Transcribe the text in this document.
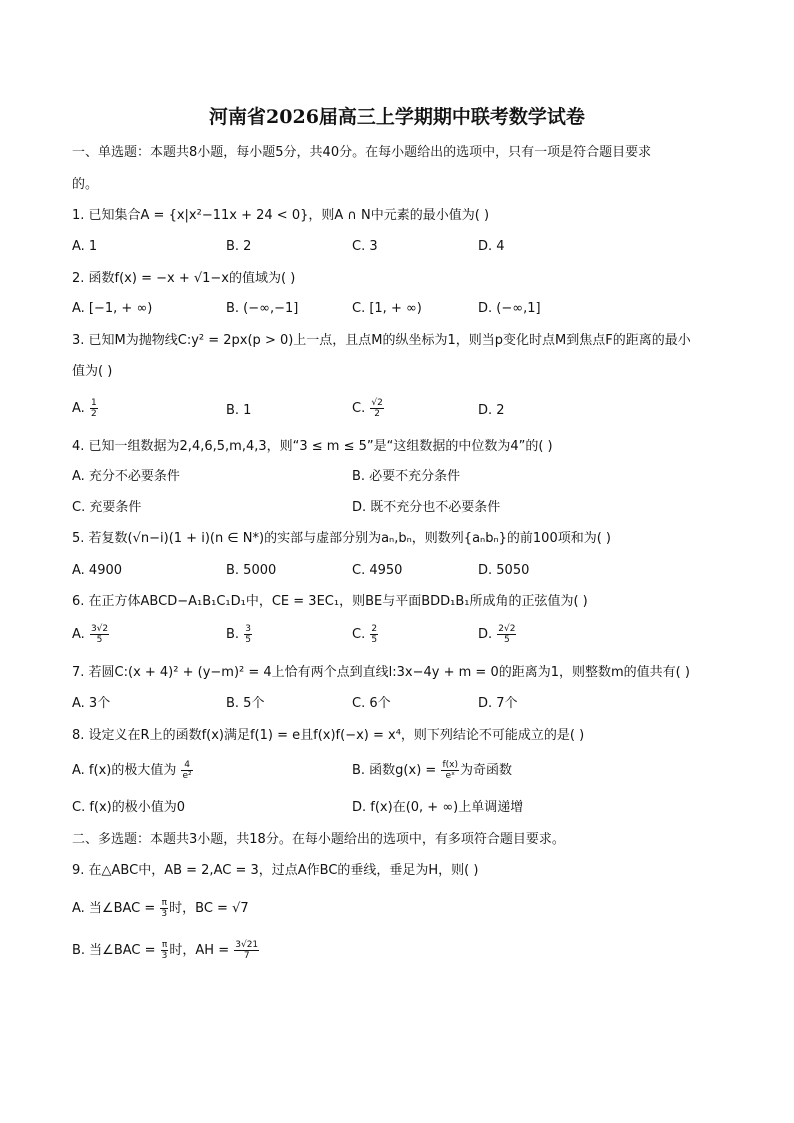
河南省2026届高三上学期期中联考数学试卷
一、单选题：本题共8小题，每小题5分，共40分。在每小题给出的选项中，只有一项是符合题目要求
的。
1. 已知集合A = {x|x²−11x + 24 < 0}，则A ∩ N中元素的最小值为( )
A. 1	B. 2	C. 3	D. 4
2. 函数f(x) = −x + √1−x的值域为( )
A. [−1, + ∞)	B. (−∞,−1]	C. [1, + ∞)	D. (−∞,1]
3. 已知M为抛物线C:y² = 2px(p > 0)上一点，且点M的纵坐标为1，则当p变化时点M到焦点F的距离的最小
值为( )
A. $\frac{1}{2}$	B. 1	C. $\frac{√2}{2}$	D. 2
4. 已知一组数据为2,4,6,5,m,4,3，则“3 ≤ m ≤ 5”是“这组数据的中位数为4”的( )
A. 充分不必要条件	B. 必要不充分条件
C. 充要条件	D. 既不充分也不必要条件
5. 若复数(√n−i)(1 + i)(n ∈ N*)的实部与虚部分别为aₙ,bₙ，则数列{aₙbₙ}的前100项和为( )
A. 4900	B. 5000	C. 4950	D. 5050
6. 在正方体ABCD−A₁B₁C₁D₁中，CE = 3EC₁，则BE与平面BDD₁B₁所成角的正弦值为( )
A. $\frac{3√2}{5}$	B. $\frac{3}{5}$	C. $\frac{2}{5}$	D. $\frac{2√2}{5}$
7. 若圆C:(x + 4)² + (y−m)² = 4上恰有两个点到直线l:3x−4y + m = 0的距离为1，则整数m的值共有( )
A. 3个	B. 5个	C. 6个	D. 7个
8. 设定义在R上的函数f(x)满足f(1) = e且f(x)f(−x) = x⁴，则下列结论不可能成立的是( )
A. f(x)的极大值为 $\frac{4}{\text{e²}}$	B. 函数$g(x) = \frac{f(x)}{\text{eˣ}}$ 为奇函数
C. f(x)的极小值为0	D. f(x)在(0, + ∞)上单调递增
二、多选题：本题共3小题，共18分。在每小题给出的选项中，有多项符合题目要求。
9. 在△ABC中，AB = 2,AC = 3，过点A作BC的垂线，垂足为H，则( )
A. 当∠BAC = $\frac{\pi}{3}$ 时，BC = √7
B. 当∠BAC = $\frac{\pi}{3}$ 时，AH = $\frac{3√21}{7}$
